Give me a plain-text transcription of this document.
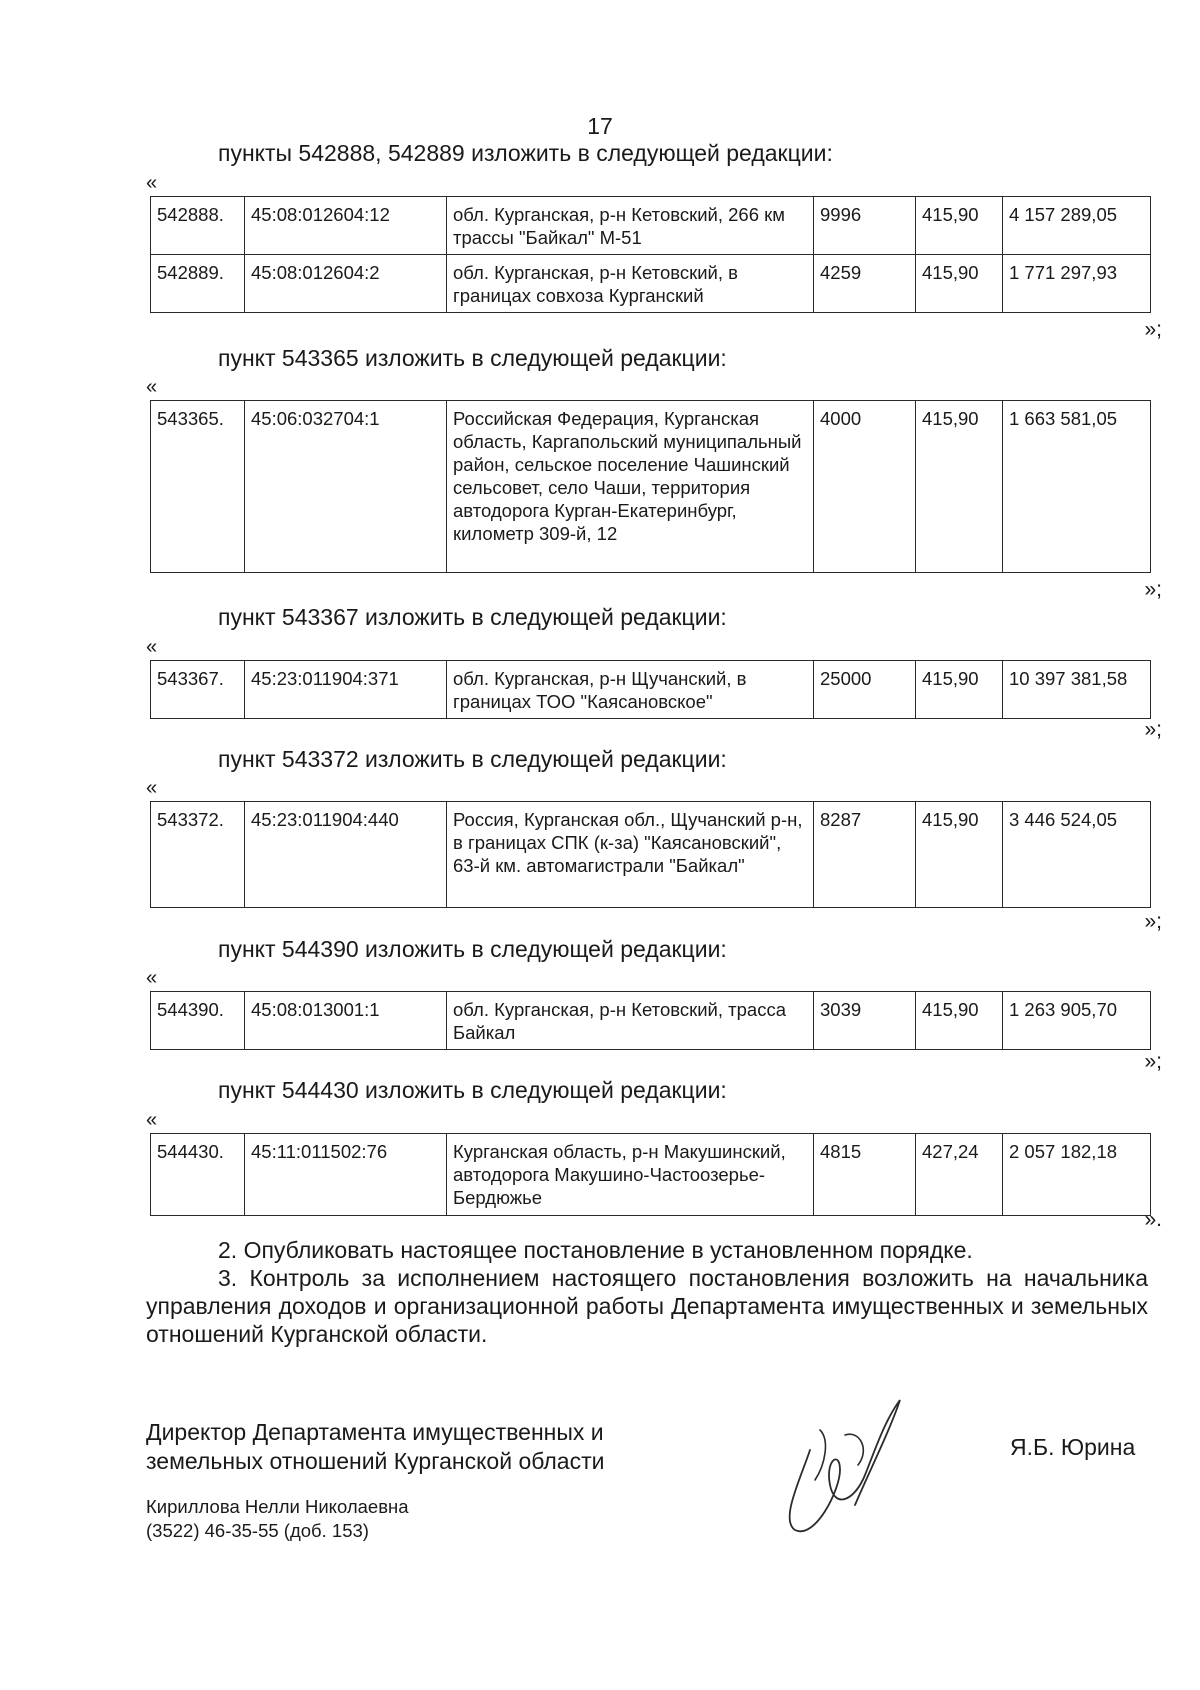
17
пункты 542888, 542889 изложить в следующей редакции:
«
542888.	45:08:012604:12	обл. Курганская, р-н Кетовский, 266 км трассы "Байкал" М-51	9996	415,90	4 157 289,05
542889.	45:08:012604:2	обл. Курганская, р-н Кетовский, в границах совхоза Курганский	4259	415,90	1 771 297,93
»;
пункт 543365 изложить в следующей редакции:
«
543365.	45:06:032704:1	Российская Федерация, Курганская область, Каргапольский муниципальный район, сельское поселение Чашинский сельсовет, село Чаши, территория автодорога Курган-Екатеринбург, километр 309-й, 12	4000	415,90	1 663 581,05
»;
пункт 543367 изложить в следующей редакции:
«
543367.	45:23:011904:371	обл. Курганская, р-н Щучанский, в границах ТОО "Каясановское"	25000	415,90	10 397 381,58
»;
пункт 543372 изложить в следующей редакции:
«
543372.	45:23:011904:440	Россия, Курганская обл., Щучанский р-н, в границах СПК (к-за) "Каясановский", 63-й км. автомагистрали "Байкал"	8287	415,90	3 446 524,05
»;
пункт 544390 изложить в следующей редакции:
«
544390.	45:08:013001:1	обл. Курганская, р-н Кетовский, трасса Байкал	3039	415,90	1 263 905,70
»;
пункт 544430 изложить в следующей редакции:
«
544430.	45:11:011502:76	Курганская область, р-н Макушинский, автодорога Макушино-Частоозерье-Бердюжье	4815	427,24	2 057 182,18
».
2. Опубликовать настоящее постановление в установленном порядке.
3. Контроль за исполнением настоящего постановления возложить на начальника управления доходов и организационной работы Департамента имущественных и земельных отношений Курганской области.
Директор Департамента имущественных и земельных отношений Курганской области
Я.Б. Юрина
Кириллова Нелли Николаевна
(3522) 46-35-55 (доб. 153)
